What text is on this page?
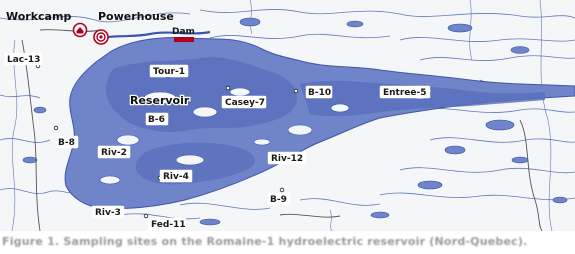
Workcamp Powerhouse
Dam
Lac-13
Tour-1
Reservoir
B-6
Casey-7
B-10	Entree-5
B-8
Riv-2
Riv-12
Riv-4
B-9
Riv-3
Fed-11
Figure 1. Sampling sites on the Romaine-1 hydroelectric reservoir (Nord-Quebec).
